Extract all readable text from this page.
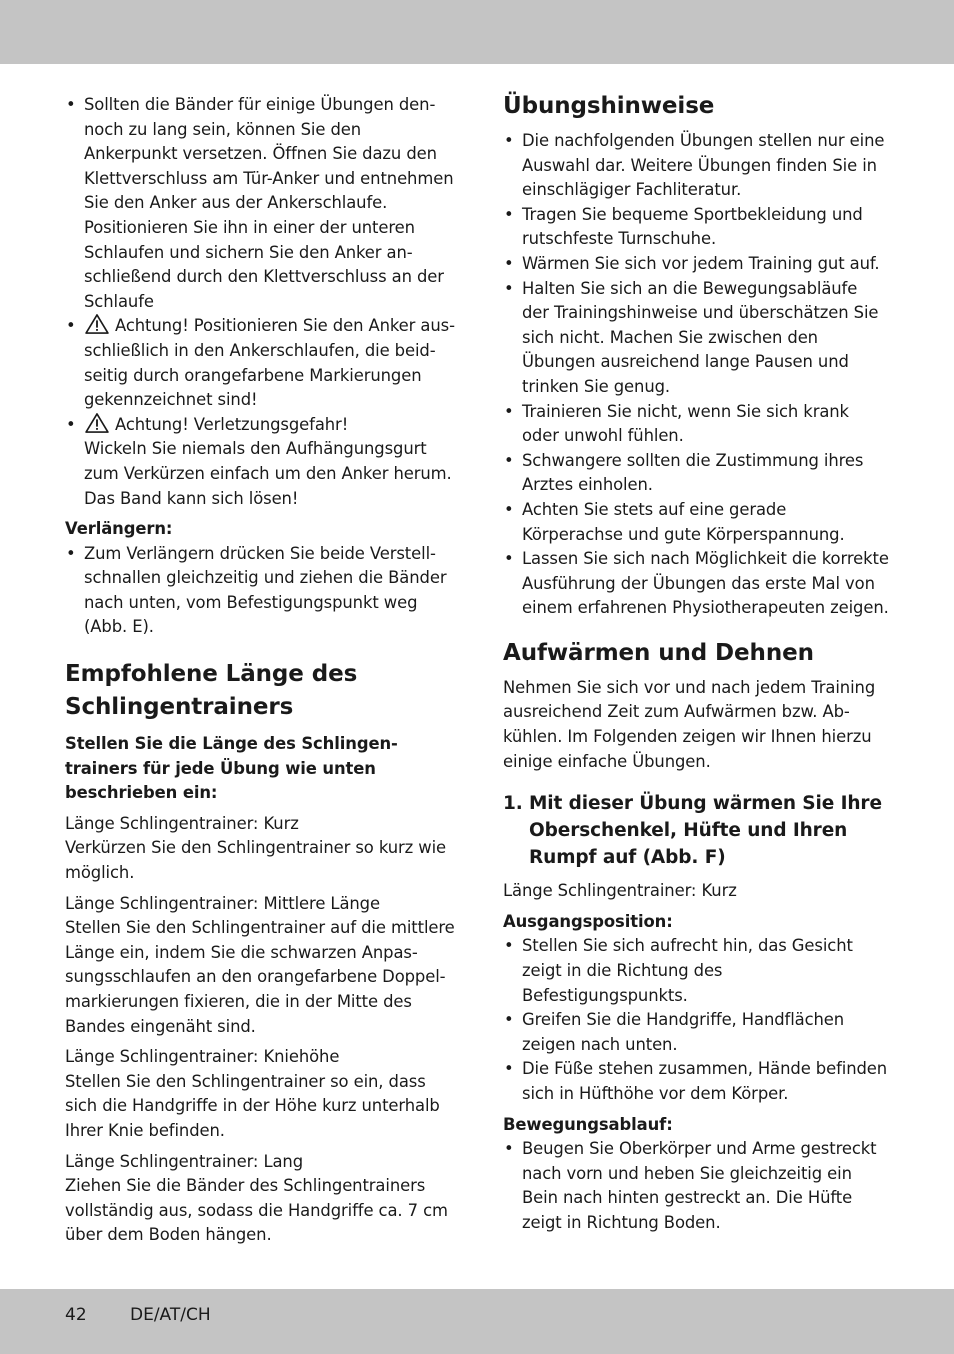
• Sollten die Bänder für einige Übungen den- noch zu lang sein, können Sie den Ankerpunkt versetzen. Öffnen Sie dazu den Klettverschluss am Tür-Anker und entnehmen Sie den Anker aus der Ankerschlaufe.
Positionieren Sie ihn in einer der unteren Schlaufen und sichern Sie den Anker an- schließend durch den Klettverschluss an der Schlaufe
• Achtung! Positionieren Sie den Anker aus- schließlich in den Ankerschlaufen, die beid- seitig durch orangefarbene Markierungen gekennzeichnet sind!
• Achtung! Verletzungsgefahr!
Wickeln Sie niemals den Aufhängungsgurt zum Verkürzen einfach um den Anker herum. Das Band kann sich lösen!

Verlängern:

• Zum Verlängern drücken Sie beide Verstell- schnallen gleichzeitig und ziehen die Bänder nach unten, vom Befestigungspunkt weg (Abb. E).

Empfohlene Länge des Schlingentrainers

Stellen Sie die Länge des Schlingen- trainers für jede Übung wie unten beschrieben ein:

Länge Schlingentrainer: Kurz

Verkürzen Sie den Schlingentrainer so kurz wie möglich.

Länge Schlingentrainer: Mittlere Länge

Stellen Sie den Schlingentrainer auf die mittlere Länge ein, indem Sie die schwarzen Anpas- sungsschlaufen an den orangefarbene Doppel- markierungen fixieren, die in der Mitte des Bandes eingenäht sind.

Länge Schlingentrainer: Kniehöhe

Stellen Sie den Schlingentrainer so ein, dass sich die Handgriffe in der Höhe kurz unterhalb Ihrer Knie befinden.

Länge Schlingentrainer: Lang

Ziehen Sie die Bänder des Schlingentrainers vollständig aus, sodass die Handgriffe ca. 7 cm über dem Boden hängen.

Übungshinweise

• Die nachfolgenden Übungen stellen nur eine Auswahl dar. Weitere Übungen finden Sie in einschlägiger Fachliteratur.
• Tragen Sie bequeme Sportbekleidung und rutschfeste Turnschuhe.
• Wärmen Sie sich vor jedem Training gut auf.
• Halten Sie sich an die Bewegungsabläufe der Trainingshinweise und überschätzen Sie sich nicht. Machen Sie zwischen den Übungen ausreichend lange Pausen und trinken Sie genug.
• Trainieren Sie nicht, wenn Sie sich krank oder unwohl fühlen.
• Schwangere sollten die Zustimmung ihres Arztes einholen.
• Achten Sie stets auf eine gerade Körperachse und gute Körperspannung.
• Lassen Sie sich nach Möglichkeit die korrekte Ausführung der Übungen das erste Mal von einem erfahrenen Physiotherapeuten zeigen.

Aufwärmen und Dehnen

Nehmen Sie sich vor und nach jedem Training ausreichend Zeit zum Aufwärmen bzw. Ab- kühlen. Im Folgenden zeigen wir Ihnen hierzu einige einfache Übungen.

1. Mit dieser Übung wärmen Sie Ihre Oberschenkel, Hüfte und Ihren Rumpf auf (Abb. F)

Länge Schlingentrainer: Kurz

Ausgangsposition:

• Stellen Sie sich aufrecht hin, das Gesicht zeigt in die Richtung des Befestigungspunkts.
• Greifen Sie die Handgriffe, Handflächen zeigen nach unten.
• Die Füße stehen zusammen, Hände befinden sich in Hüfthöhe vor dem Körper.

Bewegungsablauf:

• Beugen Sie Oberkörper und Arme gestreckt nach vorn und heben Sie gleichzeitig ein Bein nach hinten gestreckt an. Die Hüfte zeigt in Richtung Boden.
42	DE/AT/CH
